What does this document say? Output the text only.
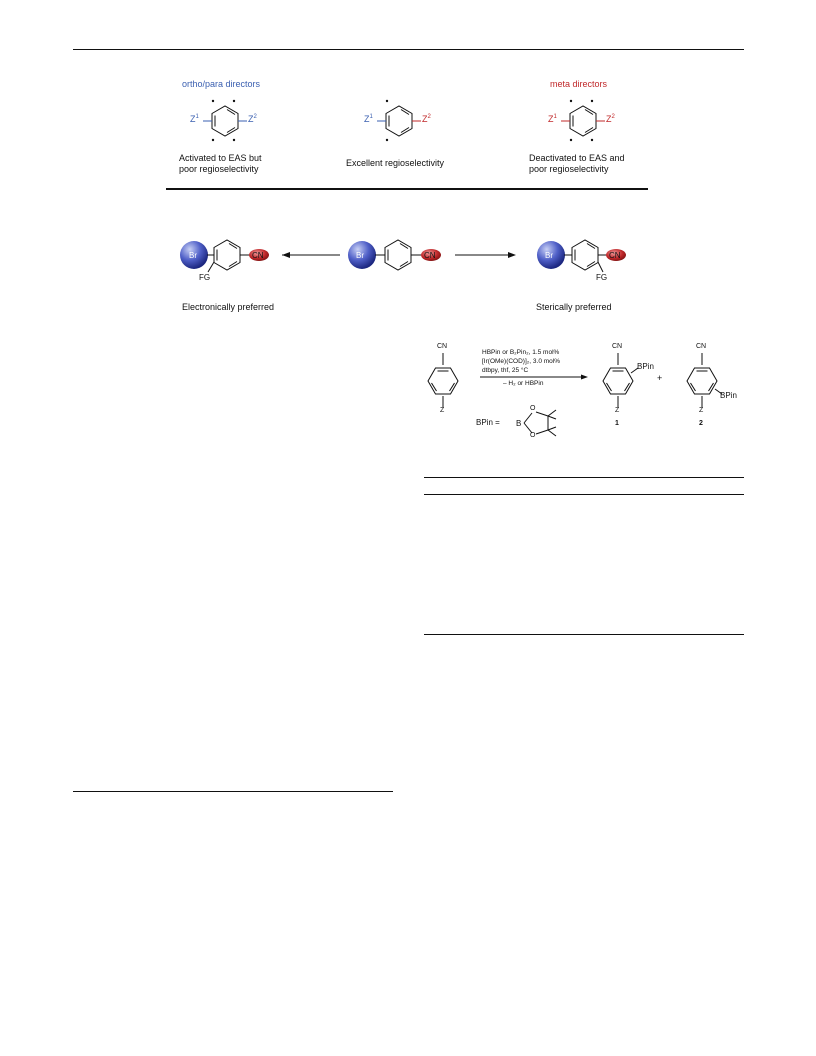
ortho/para directors	meta directors
$Z^1$	$Z^2$	$Z^1$	$Z^2$	$Z^1$	$Z^2$
Activated to EAS but
poor regioselectivity
Excellent regioselectivity	Deactivated to EAS and
poor regioselectivity
Br	CN
FG
Br	CN	Br	CN
FG
Electronically preferred	Sterically preferred
CN
Z
HBPin or B₂Pin₂, 1.5 mol%
[Ir(OMe)(COD)]₂, 3.0 mol%
dtbpy, thf, 25 °C
– H₂ or HBPin
CN
BPin
Z
1
+
CN
BPin
Z
2
BPin = B
O
O
